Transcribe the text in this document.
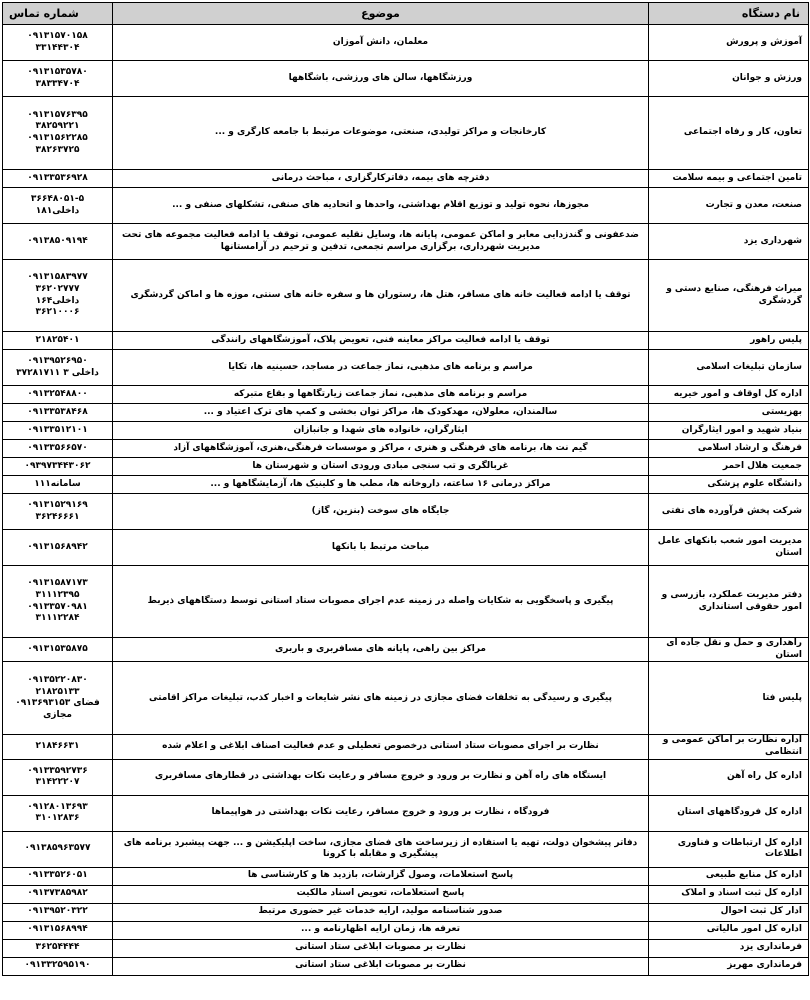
نام دستگاه	موضوع	شماره تماس
آموزش و پرورش	معلمان، دانش آموزان	۰۹۱۳۱۵۷۰۱۵۸
۳۳۱۴۴۳۰۴
ورزش و جوانان	ورزشگاهها، سالن های ورزشی، باشگاهها	۰۹۱۳۱۵۳۵۷۸۰
۳۸۳۳۴۷۰۴
تعاون، کار و رفاه اجتماعی	کارخانجات و مراکز تولیدی، صنعتی، موضوعات مرتبط با جامعه کارگری و ...	۰۹۱۳۱۵۷۶۳۹۵
۳۸۲۵۹۲۲۱
۰۹۱۳۱۵۶۲۲۸۵
۳۸۲۶۳۷۲۵
تامین اجتماعی و بیمه سلامت	دفترچه های بیمه، دفاترکارگزاری ، مباحث درمانی	۰۹۱۳۳۵۳۶۹۲۸
صنعت، معدن و تجارت	مجوزها، نحوه تولید و توزیع اقلام بهداشتی، واحدها و اتحادیه های صنفی، تشکلهای صنفی و ...	۳۶۶۴۸۰۵۱-۵
داخلی۱۸۱
شهرداری یزد	ضدعفونی و گندزدایی معابر و اماکن عمومی، پایانه ها، وسایل نقلیه عمومی، توقف یا ادامه فعالیت مجموعه های تحت مدیریت شهرداری، برگزاری مراسم تجمعی، تدفین و ترحیم در آرامستانها	۰۹۱۳۸۵۰۹۱۹۴
میراث فرهنگی، صنایع دستی و گردشگری	توقف یا ادامه فعالیت خانه های مسافر، هتل ها، رستوران ها و سفره خانه های سنتی، موزه ها و اماکن گردشگری	۰۹۱۳۱۵۸۳۹۷۷
۳۶۲۰۲۷۷۷
داخلی۱۶۴
۳۶۲۱۰۰۰۶
پلیس راهور	توقف یا ادامه فعالیت مراکز معاینه فنی، تعویض پلاک، آموزشگاههای رانندگی	۲۱۸۲۵۴۰۱
سازمان تبلیغات اسلامی	مراسم و برنامه های مذهبی، نماز جماعت در مساجد، حسینیه ها، تکایا	۰۹۱۳۹۵۲۶۹۵۰
۳۷۲۸۱۷۱۱ داخلی ۳
اداره کل اوقاف و امور خیریه	مراسم و برنامه های مذهبی، نماز جماعت زیارتگاهها و بقاع متبرکه	۰۹۱۳۲۵۴۸۸۰۰
بهزیستی	سالمندان، معلولان، مهدکودک ها، مراکز توان بخشی و کمپ های ترک اعتیاد و ...	۰۹۱۳۳۵۳۸۴۶۸
بنیاد شهید و امور ایثارگران	ایثارگران، خانواده های شهدا و جانبازان	۰۹۱۳۳۵۱۲۱۰۱
فرهنگ و ارشاد اسلامی	گیم نت ها، برنامه های فرهنگی و هنری ، مراکز و موسسات فرهنگی،هنری، آموزشگاههای آزاد	۰۹۱۳۳۵۶۶۵۷۰
جمعیت هلال احمر	غربالگری و تب سنجی مبادی ورودی استان و شهرستان ها	۰۹۳۹۷۳۴۴۳۰۶۲
دانشگاه علوم پزشکی	مراکز درمانی ۱۶ ساعته، داروخانه ها، مطب ها و کلینیک ها، آزمایشگاهها و ...	۱۱۱سامانه
شرکت پخش فرآورده های نفتی	جایگاه های سوخت (بنزین، گاز)	۰۹۱۳۱۵۲۹۱۶۹
۳۶۲۴۶۶۶۱
مدیریت امور شعب بانکهای عامل استان	مباحث مرتبط با بانکها	۰۹۱۳۱۵۶۸۹۴۲
دفتر مدیریت عملکرد، بازرسی و امور حقوقی استانداری	پیگیری و پاسخگویی به شکایات واصله در زمینه عدم اجرای مصوبات ستاد استانی توسط دستگاههای ذیربط	۰۹۱۳۱۵۸۷۱۷۳
۳۱۱۱۲۳۹۵
۰۹۱۳۳۵۷۰۹۸۱
۳۱۱۱۲۲۸۴
راهداری و حمل و نقل جاده ای استان	مراکز بین راهی، پایانه های مسافربری و باربری	۰۹۱۳۱۵۳۵۸۷۵
پلیس فتا	پیگیری و رسیدگی به تخلفات فضای مجازی در زمینه های نشر شایعات و اخبار کذب، تبلیغات مراکز اقامتی	۰۹۱۳۵۲۲۰۸۳۰
۲۱۸۲۵۱۳۳
۰۹۱۳۶۹۳۱۵۳ فضای مجازی
اداره نظارت بر اماکن عمومی و انتظامی	نظارت بر اجرای مصوبات ستاد استانی درخصوص تعطیلی و عدم فعالیت اصناف ابلاغی و اعلام شده	۲۱۸۴۶۶۳۱
اداره کل راه آهن	ایستگاه های راه آهن و نظارت بر ورود و خروج مسافر و رعایت نکات بهداشتی در قطارهای مسافربری	۰۹۱۳۳۵۹۲۷۳۶
۳۱۴۲۲۲۰۷
اداره کل فرودگاههای استان	فرودگاه ، نظارت بر ورود و خروج مسافر، رعایت نکات بهداشتی در هواپیماها	۰۹۱۲۸۰۱۳۶۹۳
۳۱۰۱۲۸۳۶
اداره کل ارتباطات و فناوری اطلاعات	دفاتر پیشخوان دولت، تهیه یا استفاده از زیرساخت های فضای مجازی، ساخت اپلیکیشن و ... جهت پیشبرد برنامه های پیشگیری و مقابله با کرونا	۰۹۱۳۸۵۹۶۳۵۷۷
اداره کل منابع طبیعی	پاسخ استعلامات، وصول گزارشات، بازدید ها و کارشناسی ها	۰۹۱۳۳۵۲۶۰۵۱
اداره کل ثبت اسناد و املاک	پاسخ استعلامات، تعویض اسناد مالکیت	۰۹۱۳۷۳۸۵۹۸۲
ادار کل ثبت احوال	صدور شناسنامه مولید، ارایه خدمات غیر حضوری مرتبط	۰۹۱۳۹۵۲۰۳۲۲
اداره کل امور مالیاتی	تعرفه ها، زمان ارایه اظهارنامه و ...	۰۹۱۳۱۵۶۸۹۹۴
فرمانداری یزد	نظارت بر مصوبات ابلاغی ستاد استانی	۳۶۲۵۴۴۴۴
فرمانداری مهریز	نظارت بر مصوبات ابلاغی ستاد استانی	۰۹۱۳۳۲۵۹۵۱۹۰
